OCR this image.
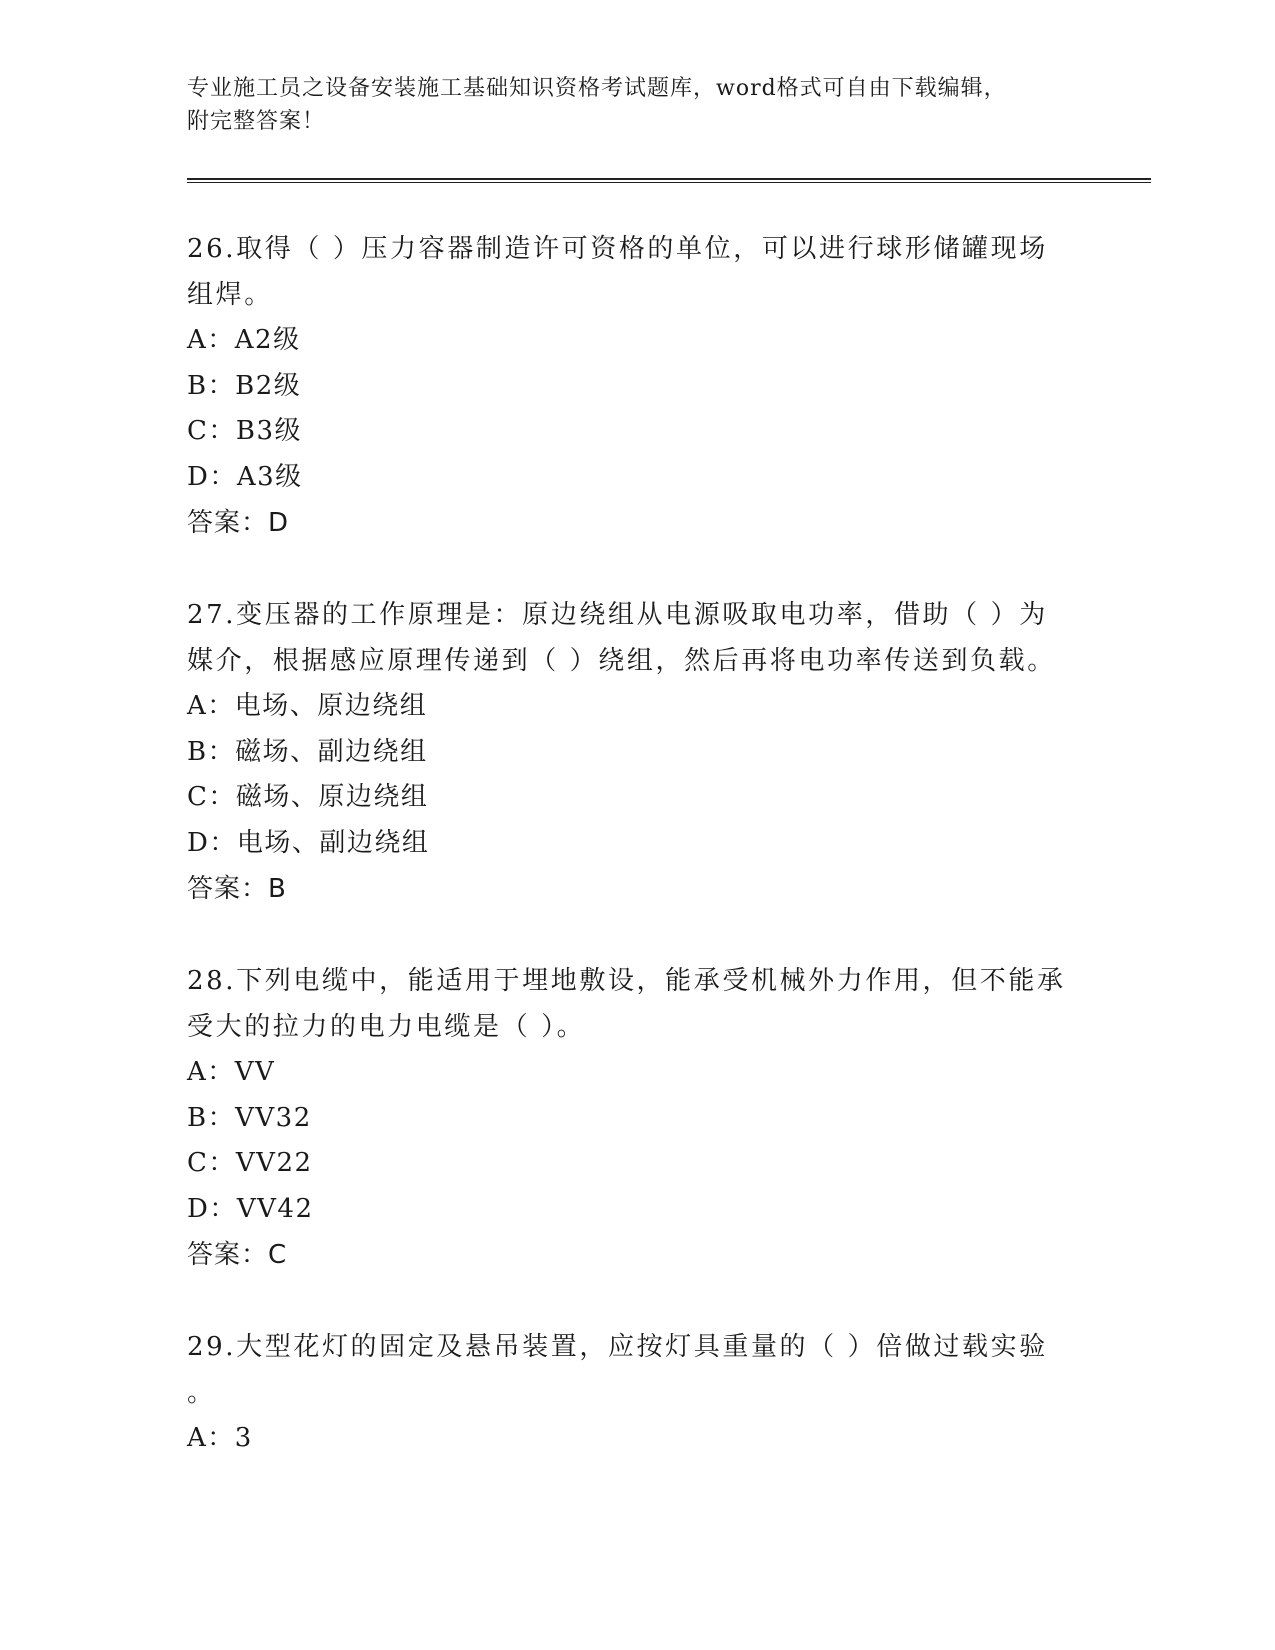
专业施工员之设备安装施工基础知识资格考试题库，word格式可自由下载编辑，
附完整答案！

26.取得（ ）压力容器制造许可资格的单位，可以进行球形储罐现场

组焊。

A：A2级

B：B2级

C：B3级

D：A3级

答案：D

27.变压器的工作原理是：原边绕组从电源吸取电功率，借助（ ）为

媒介，根据感应原理传递到（ ）绕组，然后再将电功率传送到负载。

A：电场、原边绕组

B：磁场、副边绕组

C：磁场、原边绕组

D：电场、副边绕组

答案：B

28.下列电缆中，能适用于埋地敷设，能承受机械外力作用，但不能承

受大的拉力的电力电缆是（ ）。

A：VV

B：VV32

C：VV22

D：VV42

答案：C

29.大型花灯的固定及悬吊装置，应按灯具重量的（ ）倍做过载实验

。

A：3
